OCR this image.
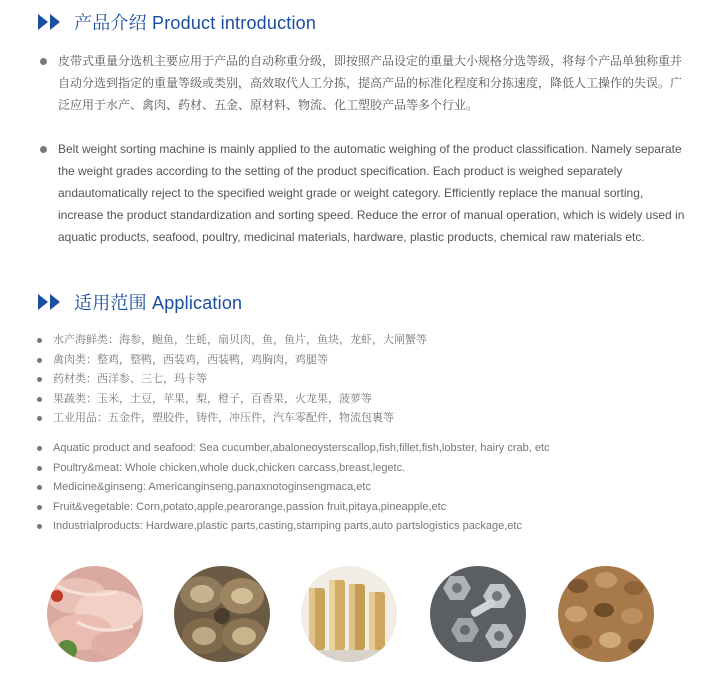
产品介绍 Product introduction

皮带式重量分选机主要应用于产品的自动称重分级，即按照产品设定的重量大小规格分选等级，将每个产品单独称重并自动分选到指定的重量等级或类别，高效取代人工分拣，提高产品的标准化程度和分拣速度，降低人工操作的失误。广泛应用于水产、禽肉、药材、五金、原材料、物流、化工塑胶产品等多个行业。

Belt weight sorting machine is mainly applied to the automatic weighing of the product classification. Namely separate the weight grades according to the setting of the product specification. Each product is weighed separately andautomatically reject to the specified weight grade or weight category. Efficiently replace the manual sorting, increase the product standardization and sorting speed. Reduce the error of manual operation, which is widely used in aquatic products, seafood, poultry, medicinal materials, hardware, plastic products, chemical raw materials etc.

适用范围 Application
水产海鲜类：海参，鲍鱼，生蚝，扇贝肉，鱼，鱼片，鱼块，龙虾，大闸蟹等
禽肉类：整鸡，整鸭，西装鸡，西装鸭，鸡胸肉，鸡腿等
药材类：西洋参、三七，玛卡等
果蔬类：玉米，土豆，苹果，梨，橙子，百香果，火龙果，菠萝等
工业用品：五金件，塑胶件，铸件，冲压件，汽车零配件，物流包裹等
Aquatic product and seafood: Sea cucumber,abaloneoysterscallop,fish,fillet,fish,lobster, hairy crab, etc
Poultry&meat: Whole chicken,whole duck,chicken carcass,breast,legetc.
Medicine&ginseng: Americanginseng,panaxnotoginsengmaca,etc
Fruit&vegetable: Corn,potato,apple,pearorange,passion fruit,pitaya,pineapple,etc
Industrialproducts: Hardware,plastic parts,casting,stamping parts,auto partslogistics package,etc
